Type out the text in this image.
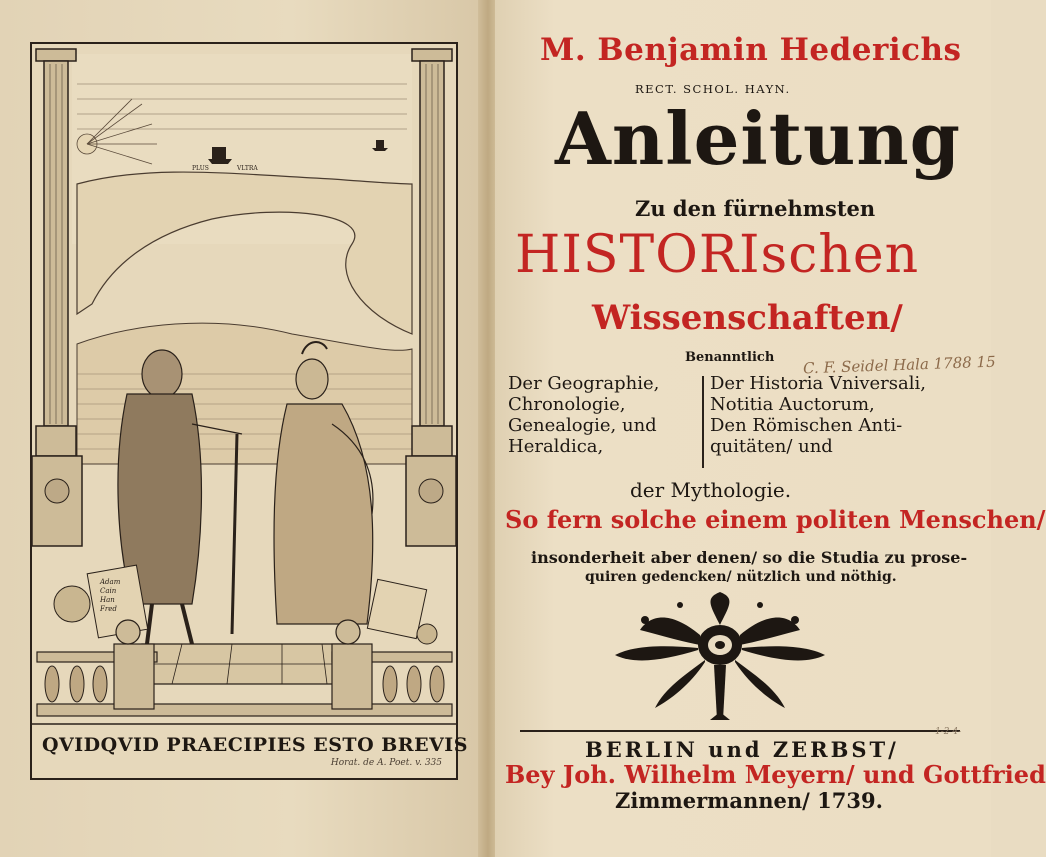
PLUS	VLTRA
Adam
Cain
Han
Fred
QVIDQVID PRAECIPIES ESTO BREVIS
Horat. de A. Poet. v. 335
M. Benjamin Hederichs
RECT. SCHOL. HAYN.
Anleitung
Zu den fürnehmsten
HISTORIschen
Wissenschaften/
Benanntlich C. F. Seidel Hala 1788 15
Der Geographie,
Chronologie,
Genealogie, und
Heraldica,
Der Historia Vniversali,
Notitia Auctorum,
Den Römischen Anti-
quitäten/ und
der Mythologie.
So fern solche einem politen Menschen/
insonderheit aber denen/ so die Studia zu prose-
quiren gedencken/ nützlich und nöthig.
1-2 4-
BERLIN und ZERBST/
Bey Joh. Wilhelm Meyern/ und Gottfried
Zimmermannen/ 1739.
